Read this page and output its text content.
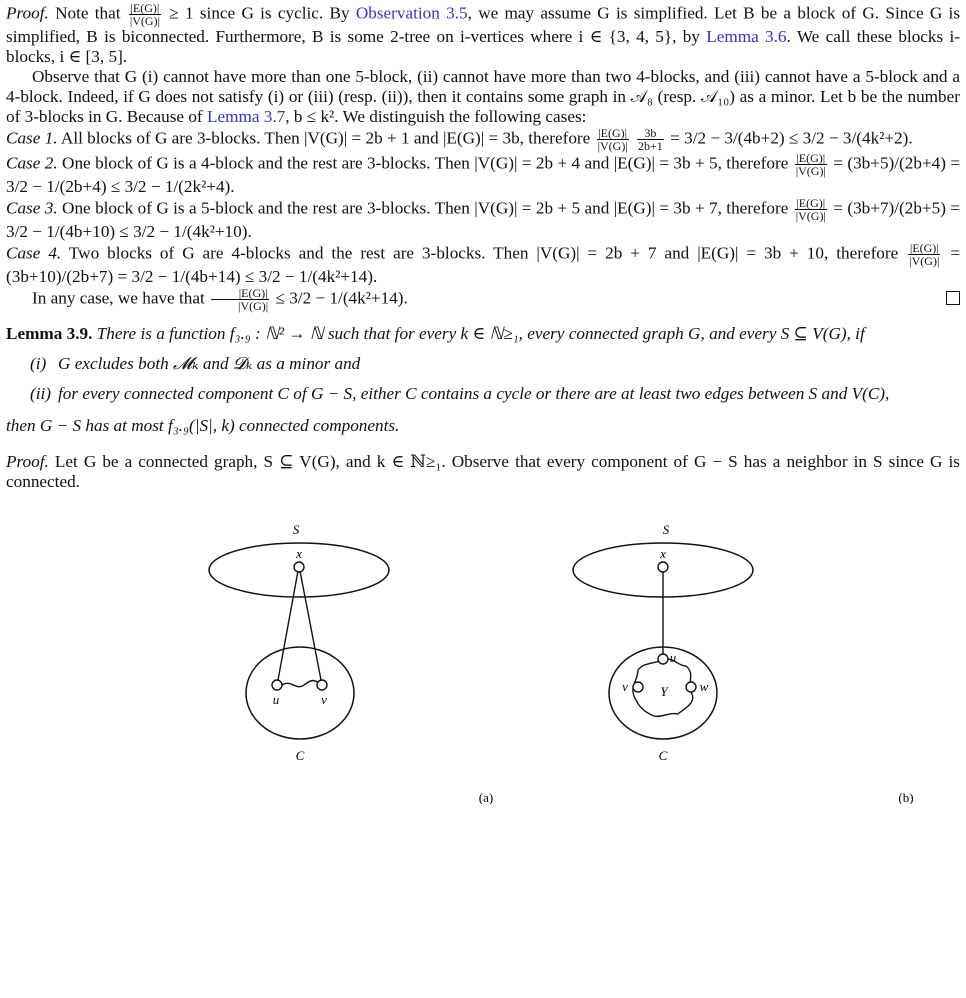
Proof. Note that $\frac{|E(G)|}{|V(G)|} \ge 1$ since G is cyclic. By Observation 3.5, we may assume G is simplified. Let B be a block of G. Since G is simplified, B is biconnected. Furthermore, B is some 2-tree on i-vertices where i ∈ {3, 4, 5}, by Lemma 3.6. We call these blocks i-blocks, i ∈ [3, 5].

Observe that G (i) cannot have more than one 5-block, (ii) cannot have more than two 4-blocks, and (iii) cannot have a 5-block and a 4-block. Indeed, if G does not satisfy (i) or (iii) (resp. (ii)), then it contains some graph in 𝒜₈ (resp. 𝒜₁₀) as a minor. Let b be the number of 3-blocks in G. Because of Lemma 3.7, b ≤ k². We distinguish the following cases:

Case 1. All blocks of G are 3-blocks. Then |V(G)| = 2b + 1 and |E(G)| = 3b, therefore $\frac{|E(G)|}{|V(G)|}$
$\frac{3b}{2b+1} = 3/2 - 3/(4b+2) \le 3/2 - 3/(4k^2+2)$.

Case 2. One block of G is a 4-block and the rest are 3-blocks. Then |V(G)| = 2b + 4 and |E(G)| = 3b + 5, therefore $\frac{|E(G)|}{|V(G)|} = (3b+5)/(2b+4) = 3/2 - 1/(2b+4) \le 3/2 - 1/(2k^2+4)$.

Case 3. One block of G is a 5-block and the rest are 3-blocks. Then |V(G)| = 2b + 5 and |E(G)| = 3b + 7, therefore $\frac{|E(G)|}{|V(G)|} = (3b+7)/(2b+5) = 3/2 - 1/(4b+10) \le 3/2 - 1/(4k^2+10)$.

Case 4. Two blocks of G are 4-blocks and the rest are 3-blocks. Then |V(G)| = 2b + 7 and |E(G)| = 3b + 10, therefore $\frac{|E(G)|}{|V(G)|} = (3b+10)/(2b+7) = 3/2 - 1/(4b+14) \le 3/2 - 1/(4k^2+14)$.

In any case, we have that $\frac{|E(G)|}{|V(G)|} \le 3/2 - 1/(4k^2+14)$.

Lemma 3.9. There is a function f₃.₉ : ℕ² → ℕ such that for every k ∈ ℕ≥₁, every connected graph G, and every S ⊆ V(G), if

(i) G excludes both 𝓜ₖ and 𝓓ₖ as a minor and
(ii) for every connected component C of G − S, either C contains a cycle or there are at least two edges between S and V(C),

then G − S has at most f₃.₉(|S|, k) connected components.

Proof. Let G be a connected graph, S ⊆ V(G), and k ∈ ℕ≥₁. Observe that every component of G − S has a neighbor in S since G is connected.

S
x
u	v
C
S
x
u
v	w
Y
C
(a)	(b)
